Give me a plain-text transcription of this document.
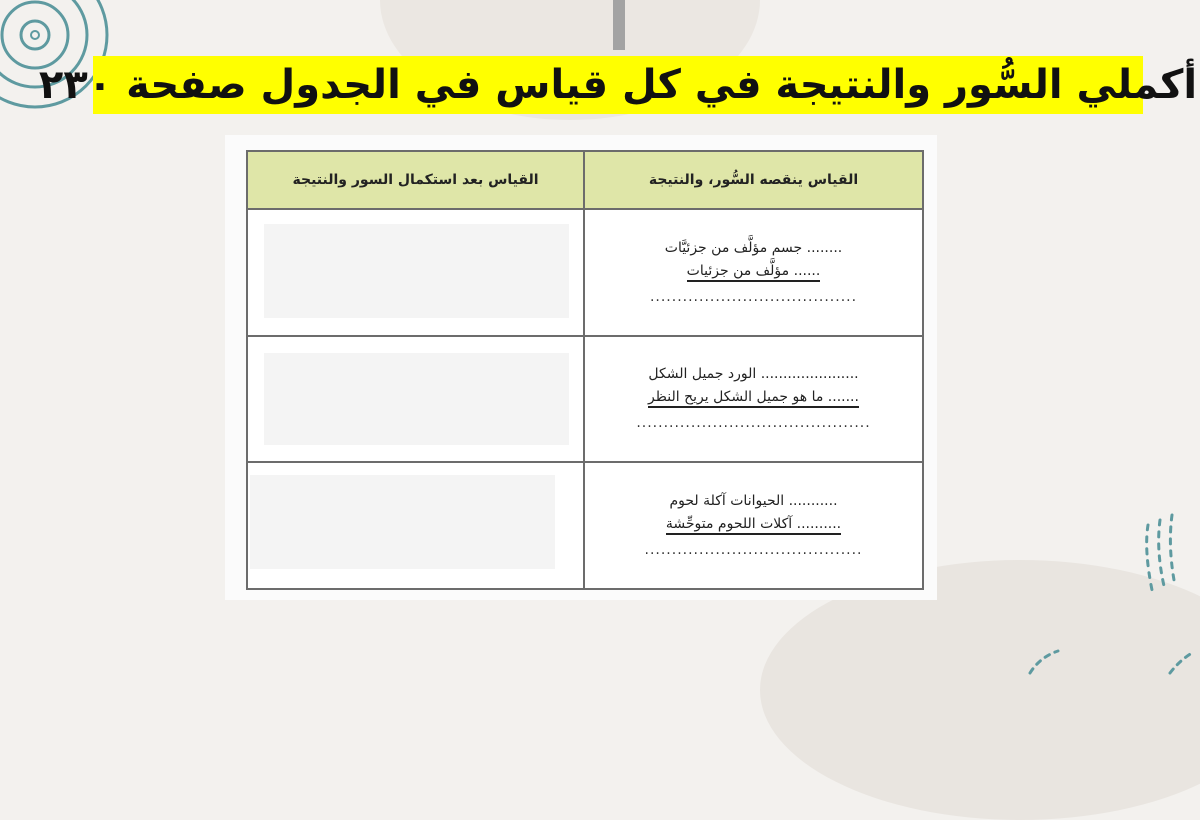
أكملي السُّور والنتيجة في كل قياس في الجدول صفحة ٢٣٠
القياس ينقصه السُّور، والنتيجة	القياس بعد استكمال السور والنتيجة

........ جسم مؤلَّف من جزئيَّات
...... مؤلَّف من جزئيات
......................................	

...................... الورد جميل الشكل
....... ما هو جميل الشكل يريح النظر
...........................................	

........... الحيوانات آكلة لحوم
.......... آكلات اللحوم متوحِّشة
........................................	
